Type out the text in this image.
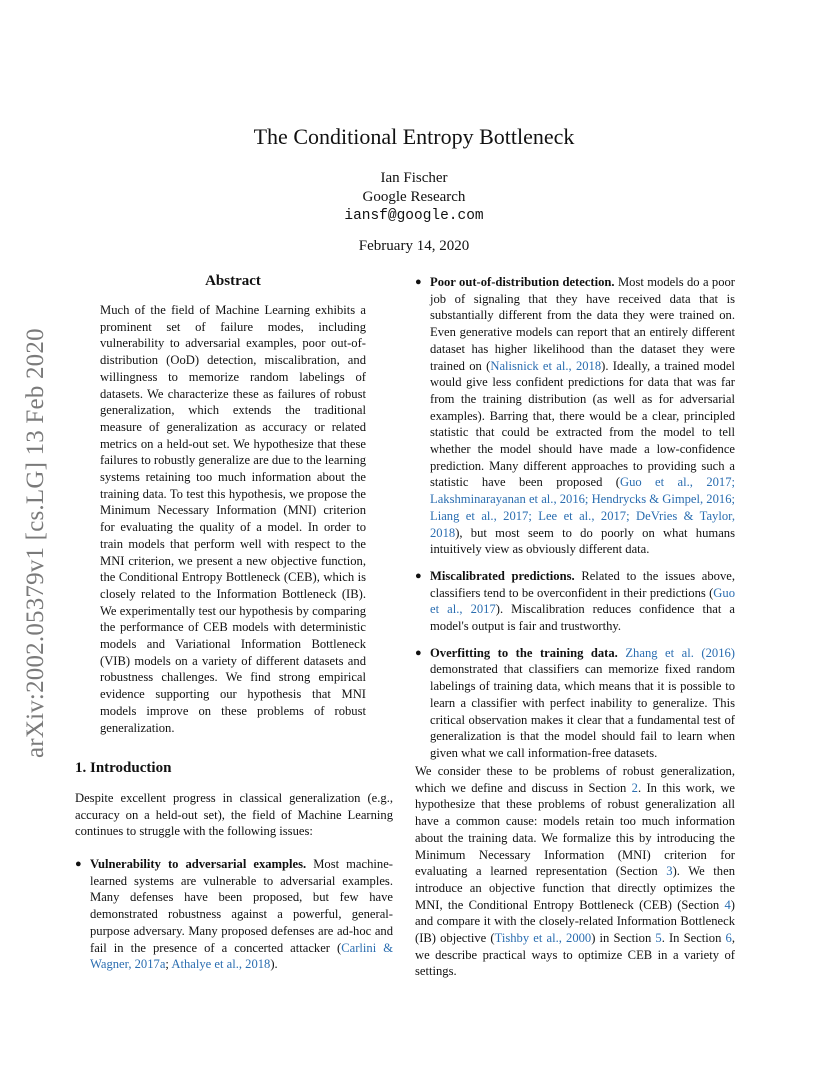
arXiv:2002.05379v1 [cs.LG] 13 Feb 2020
The Conditional Entropy Bottleneck
Ian Fischer
Google Research
iansf@google.com
February 14, 2020
Abstract
Much of the field of Machine Learning exhibits a prominent set of failure modes, including vulnerability to adversarial examples, poor out-of-distribution (OoD) detection, miscalibration, and willingness to memorize random labelings of datasets. We characterize these as failures of robust generalization, which extends the traditional measure of generalization as accuracy or related metrics on a held-out set. We hypothesize that these failures to robustly generalize are due to the learning systems retaining too much information about the training data. To test this hypothesis, we propose the Minimum Necessary Information (MNI) criterion for evaluating the quality of a model. In order to train models that perform well with respect to the MNI criterion, we present a new objective function, the Conditional Entropy Bottleneck (CEB), which is closely related to the Information Bottleneck (IB). We experimentally test our hypothesis by comparing the performance of CEB models with deterministic models and Variational Information Bottleneck (VIB) models on a variety of different datasets and robustness challenges. We find strong empirical evidence supporting our hypothesis that MNI models improve on these problems of robust generalization.
1. Introduction
Despite excellent progress in classical generalization (e.g., accuracy on a held-out set), the field of Machine Learning continues to struggle with the following issues:
● Vulnerability to adversarial examples. Most machine-learned systems are vulnerable to adversarial examples. Many defenses have been proposed, but few have demonstrated robustness against a powerful, general-purpose adversary. Many proposed defenses are ad-hoc and fail in the presence of a concerted attacker (Carlini & Wagner, 2017a; Athalye et al., 2018).
● Poor out-of-distribution detection. Most models do a poor job of signaling that they have received data that is substantially different from the data they were trained on. Even generative models can report that an entirely different dataset has higher likelihood than the dataset they were trained on (Nalisnick et al., 2018). Ideally, a trained model would give less confident predictions for data that was far from the training distribution (as well as for adversarial examples). Barring that, there would be a clear, principled statistic that could be extracted from the model to tell whether the model should have made a low-confidence prediction. Many different approaches to providing such a statistic have been proposed (Guo et al., 2017; Lakshminarayanan et al., 2016; Hendrycks & Gimpel, 2016; Liang et al., 2017; Lee et al., 2017; DeVries & Taylor, 2018), but most seem to do poorly on what humans intuitively view as obviously different data.
● Miscalibrated predictions. Related to the issues above, classifiers tend to be overconfident in their predictions (Guo et al., 2017). Miscalibration reduces confidence that a model's output is fair and trustworthy.
● Overfitting to the training data. Zhang et al. (2016) demonstrated that classifiers can memorize fixed random labelings of training data, which means that it is possible to learn a classifier with perfect inability to generalize. This critical observation makes it clear that a fundamental test of generalization is that the model should fail to learn when given what we call information-free datasets.
We consider these to be problems of robust generalization, which we define and discuss in Section 2. In this work, we hypothesize that these problems of robust generalization all have a common cause: models retain too much information about the training data. We formalize this by introducing the Minimum Necessary Information (MNI) criterion for evaluating a learned representation (Section 3). We then introduce an objective function that directly optimizes the MNI, the Conditional Entropy Bottleneck (CEB) (Section 4) and compare it with the closely-related Information Bottleneck (IB) objective (Tishby et al., 2000) in Section 5. In Section 6, we describe practical ways to optimize CEB in a variety of settings.
